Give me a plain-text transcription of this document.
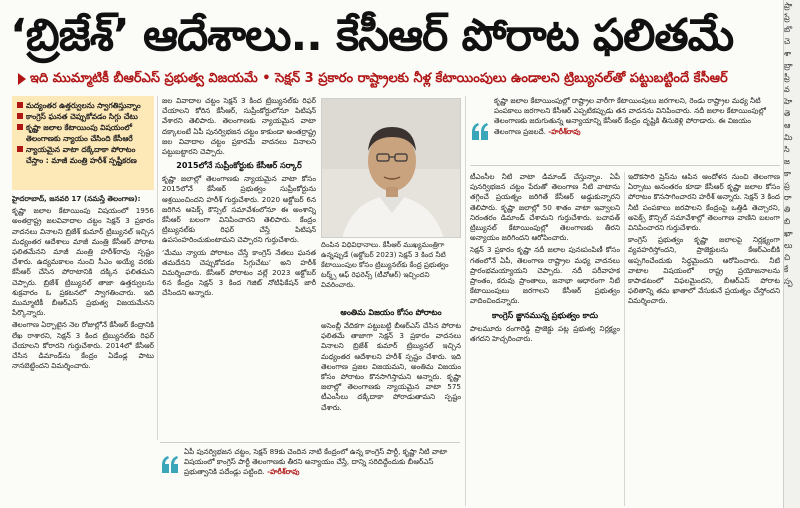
‘బ్రిజేశ్’ ఆదేశాలు.. కేసీఆర్ పోరాట ఫలితమే
ఇది ముమ్మాటికీ బీఆర్ఎస్ ప్రభుత్వ విజయమే • సెక్షన్ 3 ప్రకారం రాష్ట్రాలకు నీళ్ల కేటాయింపులు ఉండాలని ట్రిబ్యునల్‌తో పట్టుబట్టిందే కేసీఆర్
మద్యంతర ఉత్తర్వులను స్వాగతిస్తున్నాం
కాంగ్రెస్ ఘనత చెప్పుకోవడం సిగ్గు చేటు
కృష్ణా జలాల కేటాయింపు విషయంలో తెలంగాణకు న్యాయం చేసింది కేసీఆరే
న్యాయమైన వాటా దక్కేదాకా పోరాటం చేస్తాం : మాజీ మంత్రి హరీశ్ స్పష్టీకరణ

హైదరాబాద్, జనవరి 17 (నమస్తే తెలంగాణ):

కృష్ణా జలాల కేటాయింపు విషయంలో 1956 అంతర్రాష్ట్ర జలవివాదాల చట్టం సెక్షన్ 3 ప్రకారం వాదనలు వినాలని బ్రిజేశ్ కుమార్ ట్రిబ్యునల్ ఇచ్చిన మధ్యంతర ఆదేశాలు మాజీ మంత్రి కేసీఆర్ పోరాట ఫలితమేనని మాజీ మంత్రి హరీశ్‌రావు స్పష్టం చేశారు. ఉద్యమకాలం నుంచి సీఎం అయ్యే వరకు కేసీఆర్ చేసిన పోరాటానికి దక్కిన ఫలితమని చెప్పారు. బ్రిజేశ్ ట్రిబ్యునల్ తాజా ఉత్తర్వులను శుక్రవారం ఓ ప్రకటనలో స్వాగతించారు. ఇది ముమ్మాటికీ బీఆర్ఎస్ ప్రభుత్వ విజయమేనని పేర్కొన్నారు.

తెలంగాణ ఏర్పాటైన నెల రోజుల్లోనే కేసీఆర్ కేంద్రానికి లేఖ రాశారని, సెక్షన్ 3 కింద ట్రిబ్యునల్‌కు రిఫర్ చేయాలని కోరారని గుర్తుచేశారు. 2014లో కేసీఆర్ చేసిన డిమాండ్‌ను కేంద్రం ఏడేండ్ల పాటు నానబెట్టిందని విమర్శించారు.

జల వివాదాల చట్టం సెక్షన్ 3 కింద ట్రిబ్యునల్‌కు రిఫర్ చేయాలని కోరిన కేసీఆర్, సుప్రీంకోర్టులోనూ పిటిషన్ వేశారని తెలిపారు. తెలంగాణకు న్యాయమైన వాటా దక్కాలంటే ఏపీ పునర్విభజన చట్టం కాకుండా అంతర్రాష్ట్ర జల వివాదాల చట్టం ప్రకారమే వాదనలు వినాలని పట్టుబట్టారని చెప్పారు.

2015లోనే సుప్రీంకోర్టుకు కేసీఆర్ సర్కార్

కృష్ణా జలాల్లో తెలంగాణకు న్యాయమైన వాటా కోసం 2015లోనే కేసీఆర్ ప్రభుత్వం సుప్రీంకోర్టును ఆశ్రయించిందని హరీశ్ గుర్తుచేశారు. 2020 అక్టోబర్ 6న జరిగిన అపెక్స్ కౌన్సిల్ సమావేశంలోనూ ఈ అంశాన్ని కేసీఆర్ బలంగా వినిపించారని తెలిపారు. కేంద్రం ట్రిబ్యునల్‌కు రిఫర్ చేస్తే పిటిషన్ ఉపసంహరించుకుంటామని చెప్పారని గుర్తుచేశారు.

‘మేము న్యాయ పోరాటం చేస్తే కాంగ్రెస్ నేతలు ఘనత తమదేనని చెప్పుకోవడం సిగ్గుచేటు’ అని హరీశ్ విమర్శించారు. కేసీఆర్ పోరాటం వల్లే 2023 అక్టోబర్ 6న కేంద్రం సెక్షన్ 3 కింద గెజిట్ నోటిఫికేషన్ జారీ చేసిందని అన్నారు.

దింపిన విధివిధానాలు. కేసీఆర్ ముఖ్యమంత్రిగా ఉన్నప్పుడే (అక్టోబర్ 2023) సెక్షన్ 3 కింద నీటి కేటాయింపుల కోసం ట్రిబ్యునల్‌కు కేంద్ర ప్రభుత్వం టర్మ్స్ ఆఫ్ రెఫరెన్స్ (టీవోఆర్) ఇచ్చిందని వివరించారు.
అంతిమ విజయం కోసం పోరాటం

అసెంబ్లీ వేదికగా పట్టుబట్టి బీఆర్ఎస్ చేసిన పోరాట ఫలితమే తాజాగా సెక్షన్ 3 ప్రకారం వాదనలు వినాలని బ్రిజేశ్ కుమార్ ట్రిబ్యునల్ ఇచ్చిన మధ్యంతర ఆదేశాలని హరీశ్ స్పష్టం చేశారు. ఇది తెలంగాణ ప్రజల విజయమని, అంతిమ విజయం కోసం పోరాటం కొనసాగిస్తామని అన్నారు. కృష్ణా జలాల్లో తెలంగాణకు న్యాయమైన వాటా 575 టీఎంసీలు దక్కేదాకా పోరాడుతామని స్పష్టం చేశారు.

కృష్ణా జలాల కేటాయింపుల్లో రాష్ట్రాల వారీగా కేటాయింపులు జరగాలని, రెండు రాష్ట్రాల మధ్య నీటి పంపకాలు జరగాలని కేసీఆర్ ఎప్పటికప్పుడు తన వాదనను వినిపించారు. నదీ జలాల కేటాయింపుల్లో తెలంగాణకు జరుగుతున్న అన్యాయాన్ని కేసీఆర్ కేంద్రం దృష్టికి తీసుకెళ్లి పోరాడారు. ఈ విజయం తెలంగాణ ప్రజలదే. -హరీశ్‌రావు

టీఎంసీల నీటి వాటా డిమాండ్ చేస్తున్నాం. ఏపీ పునర్విభజన చట్టం పేరుతో తెలంగాణ నీటి వాటాను తగ్గించే ప్రయత్నం జరిగితే కేసీఆర్ అడ్డుకున్నారని తెలిపారు. కృష్ణా జలాల్లో 50 శాతం వాటా ఇవ్వాలని నిరంతరం డిమాండ్ చేశామని గుర్తుచేశారు. బచావత్ ట్రిబ్యునల్ కేటాయింపుల్లో తెలంగాణకు తీరని అన్యాయం జరిగిందని ఆరోపించారు.

సెక్షన్ 3 ప్రకారం కృష్ణా నదీ జలాల పునఃపంపిణీ కోసం గతంలోనే ఏపీ, తెలంగాణ రాష్ట్రాల మధ్య వాదనలు ప్రారంభమయ్యాయని చెప్పారు. నదీ పరీవాహక ప్రాంతం, కరువు ప్రాంతాలు, జనాభా ఆధారంగా నీటి కేటాయింపులు జరగాలని కేసీఆర్ ప్రభుత్వం వాదించిందన్నారు.

కాంగ్రెస్ ఙ్జానమున్న ప్రభుత్వం కాదు

పాలమూరు రంగారెడ్డి ప్రాజెక్టు పట్ల ప్రభుత్వ నిర్లక్ష్యం తగదని హెచ్చరించారు.

ఇదొకసారి ప్రెస్‌ను ఆపిన ఆందోళన నుంచి తెలంగాణ ఏర్పాటు అనంతరం కూడా కేసీఆర్ కృష్ణా జలాల కోసం పోరాటం కొనసాగించారని హరీశ్ అన్నారు. సెక్షన్ 3 కింద నీటి పంపకాలు జరపాలని కేంద్రంపై ఒత్తిడి తెచ్చారని, అపెక్స్ కౌన్సిల్ సమావేశాల్లో తెలంగాణ వాణిని బలంగా వినిపించారని గుర్తుచేశారు.

కాంగ్రెస్ ప్రభుత్వం కృష్ణా జలాలపై నిర్లక్ష్యంగా వ్యవహరిస్తోందని, ప్రాజెక్టులను కేఆర్ఎంబీకి అప్పగించేందుకు సిద్ధమైందని ఆరోపించారు. నీటి వాటాల విషయంలో రాష్ట్ర ప్రయోజనాలను కాపాడటంలో విఫలమైందని, బీఆర్ఎస్ పోరాట ఫలితాన్ని తమ ఖాతాలో వేసుకునే ప్రయత్నం చేస్తోందని విమర్శించారు.

ఏపీ పునర్విభజన చట్టం, సెక్షన్ 89కు చెందిన నాటి కేంద్రంలో ఉన్న కాంగ్రెస్ పార్టీ, కృష్ణా నీటి వాటా విషయంలో కాంగ్రెస్ పార్టీ తెలంగాణకు తీరని అన్యాయం చేస్తే, దాన్ని సరిదిద్దేందుకు బీఆర్ఎస్ ప్రభుత్వానికి పదేండ్లు పట్టింది. -హరీశ్‌రావు
ప్రా
ప్రే
బొ
చె
శా
బ్రా
ప్రీ
వ
హె
తె
ఆ
మి
సి
జ
కా
ప్ర
రా
తి
బి
ఖా
లు
చి
కే
స్ప
